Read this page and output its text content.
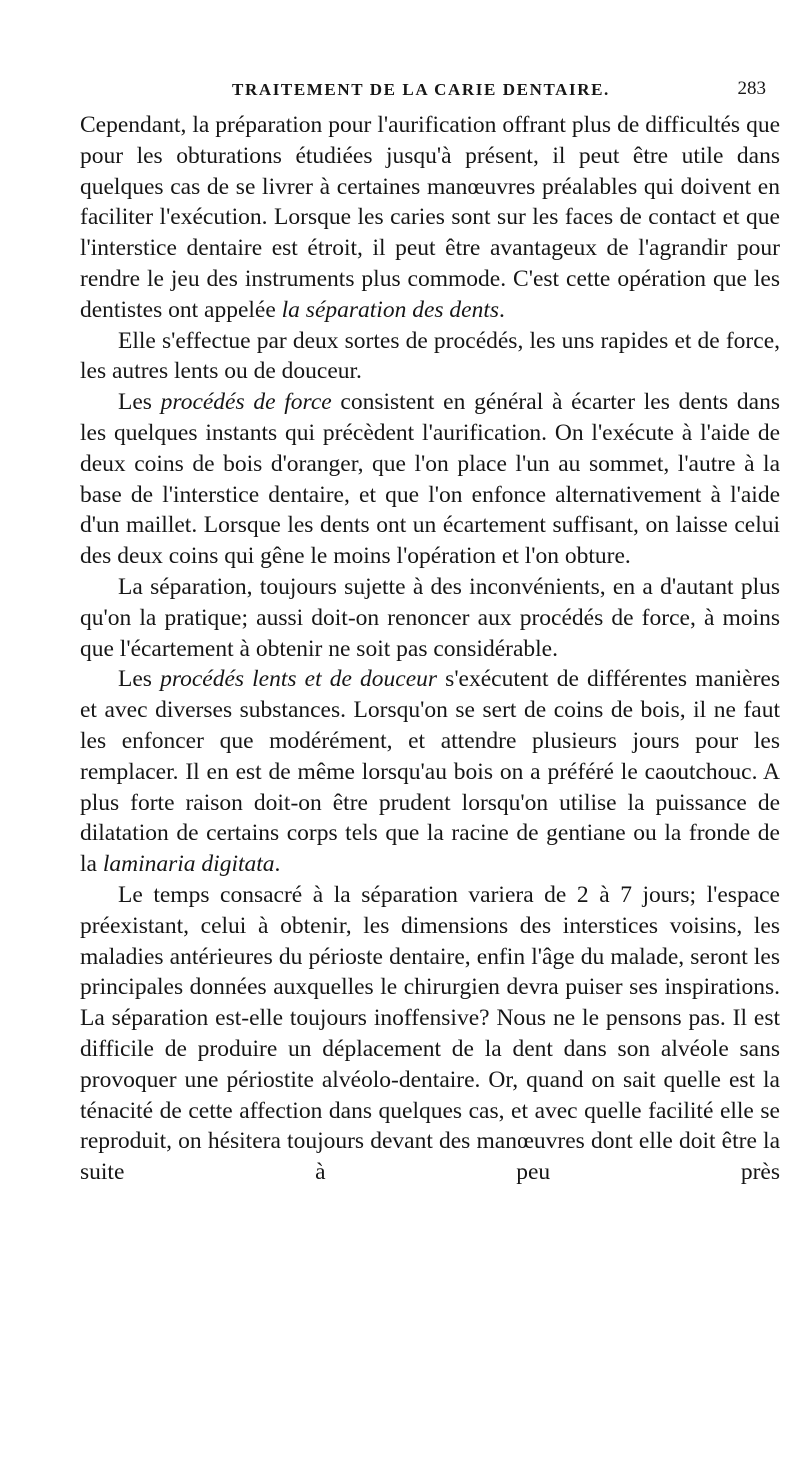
TRAITEMENT DE LA CARIE DENTAIRE.	283

Cependant, la préparation pour l'aurification offrant plus de difficultés que pour les obturations étudiées jusqu'à présent, il peut être utile dans quelques cas de se livrer à certaines manœuvres préalables qui doivent en faciliter l'exécution. Lorsque les caries sont sur les faces de contact et que l'interstice dentaire est étroit, il peut être avantageux de l'agrandir pour rendre le jeu des instruments plus commode. C'est cette opération que les dentistes ont appelée la séparation des dents.

Elle s'effectue par deux sortes de procédés, les uns rapides et de force, les autres lents ou de douceur.

Les procédés de force consistent en général à écarter les dents dans les quelques instants qui précèdent l'aurification. On l'exécute à l'aide de deux coins de bois d'oranger, que l'on place l'un au sommet, l'autre à la base de l'interstice dentaire, et que l'on enfonce alternativement à l'aide d'un maillet. Lorsque les dents ont un écartement suffisant, on laisse celui des deux coins qui gêne le moins l'opération et l'on obture.

La séparation, toujours sujette à des inconvénients, en a d'autant plus qu'on la pratique; aussi doit-on renoncer aux procédés de force, à moins que l'écartement à obtenir ne soit pas considérable.

Les procédés lents et de douceur s'exécutent de différentes manières et avec diverses substances. Lorsqu'on se sert de coins de bois, il ne faut les enfoncer que modérément, et attendre plusieurs jours pour les remplacer. Il en est de même lorsqu'au bois on a préféré le caoutchouc. A plus forte raison doit-on être prudent lorsqu'on utilise la puissance de dilatation de certains corps tels que la racine de gentiane ou la fronde de la laminaria digitata.

Le temps consacré à la séparation variera de 2 à 7 jours; l'espace préexistant, celui à obtenir, les dimensions des interstices voisins, les maladies antérieures du périoste dentaire, enfin l'âge du malade, seront les principales données auxquelles le chirurgien devra puiser ses inspirations. La séparation est-elle toujours inoffensive? Nous ne le pensons pas. Il est difficile de produire un déplacement de la dent dans son alvéole sans provoquer une périostite alvéolo-dentaire. Or, quand on sait quelle est la ténacité de cette affection dans quelques cas, et avec quelle facilité elle se reproduit, on hésitera toujours devant des manœuvres dont elle doit être la suite à peu près
